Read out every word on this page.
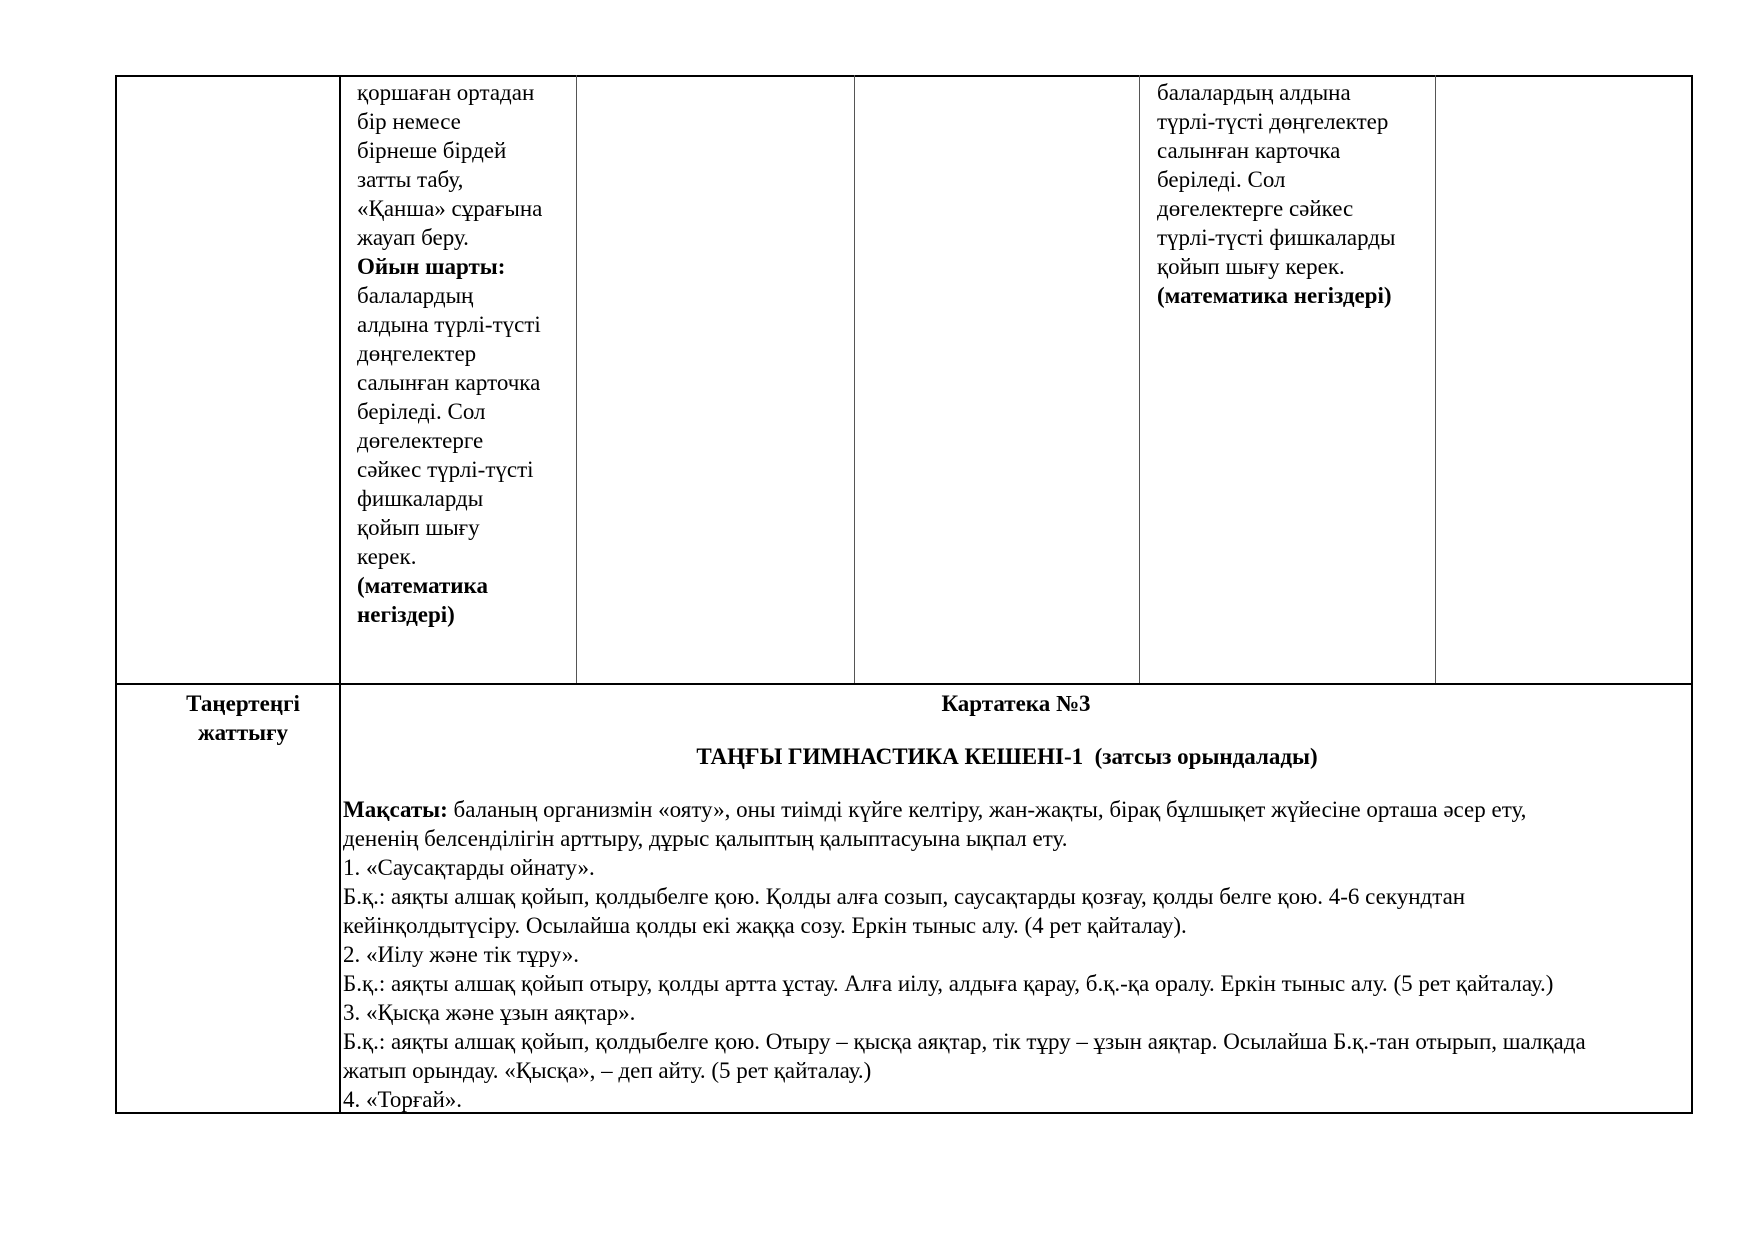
қоршаған ортадан

бір немесе

бірнеше бірдей

затты табу,

«Қанша» сұрағына

жауап беру.

Ойын шарты:

балалардың

алдына түрлі-түсті

дөңгелектер

салынған карточка

беріледі. Сол

дөгелектерге

сәйкес түрлі-түсті

фишкаларды

қойып шығу

керек.

(математика

негіздері)

балалардың алдына

түрлі-түсті дөңгелектер

салынған карточка

беріледі. Сол

дөгелектерге сәйкес

түрлі-түсті фишкаларды

қойып шығу керек.

(математика негіздері)

Таңертеңгі

жаттығу

Картатека №3
ТАҢҒЫ ГИМНАСТИКА КЕШЕНІ-1  (затсыз орындалады)

Мақсаты: баланың организмін «ояту», оны тиімді күйге келтіру, жан-жақты, бірақ бұлшықет жүйесіне орташа әсер ету,

дененің белсенділігін арттыру, дұрыс қалыптың қалыптасуына ықпал ету.

1. «Саусақтарды ойнату».

Б.қ.: аяқты алшақ қойып, қолдыбелге қою. Қолды алға созып, саусақтарды қозғау, қолды белге қою. 4-6 секундтан

кейінқолдытүсіру. Осылайша қолды екі жаққа созу. Еркін тыныс алу. (4 рет қайталау).

2. «Иілу және тік тұру».

Б.қ.: аяқты алшақ қойып отыру, қолды артта ұстау. Алға иілу, алдыға қарау, б.қ.-қа оралу. Еркін тыныс алу. (5 рет қайталау.)

3. «Қысқа және ұзын аяқтар».

Б.қ.: аяқты алшақ қойып, қолдыбелге қою. Отыру – қысқа аяқтар, тік тұру – ұзын аяқтар. Осылайша Б.қ.-тан отырып, шалқада

жатып орындау. «Қысқа», – деп айту. (5 рет қайталау.)

4. «Торғай».
